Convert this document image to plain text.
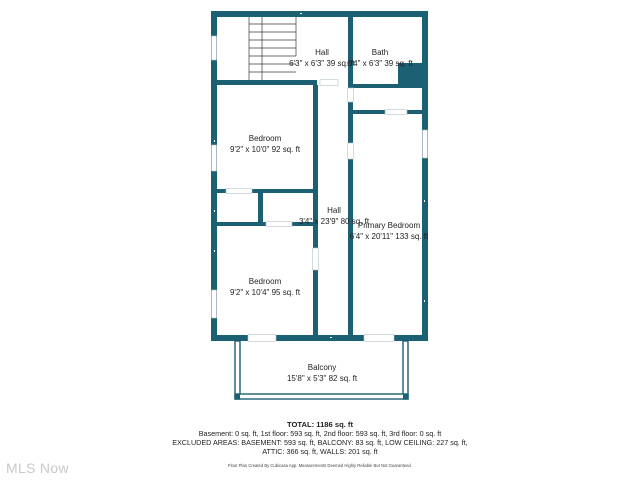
Hall
6'3" x 6'3" 39 sq. ft
Bath
6'4" x 6'3" 39 sq. ft
Bedroom
9'2" x 10'0" 92 sq. ft
Hall
3'4" x 23'9" 80 sq. ft
Primary Bedroom
6'4" x 20'11" 133 sq. ft
Bedroom
9'2" x 10'4" 95 sq. ft
Balcony
15'8" x 5'3" 82 sq. ft
TOTAL: 1186 sq. ft
Basement: 0 sq. ft, 1st floor: 593 sq. ft, 2nd floor: 593 sq. ft, 3rd floor: 0 sq. ft
EXCLUDED AREAS: BASEMENT: 593 sq. ft, BALCONY: 83 sq. ft, LOW CEILING: 227 sq. ft,
ATTIC: 366 sq. ft, WALLS: 201 sq. ft
Floor Plan Created By Cubicasa App. Measurements Deemed Highly Reliable But Not Guaranteed.
MLS Now
